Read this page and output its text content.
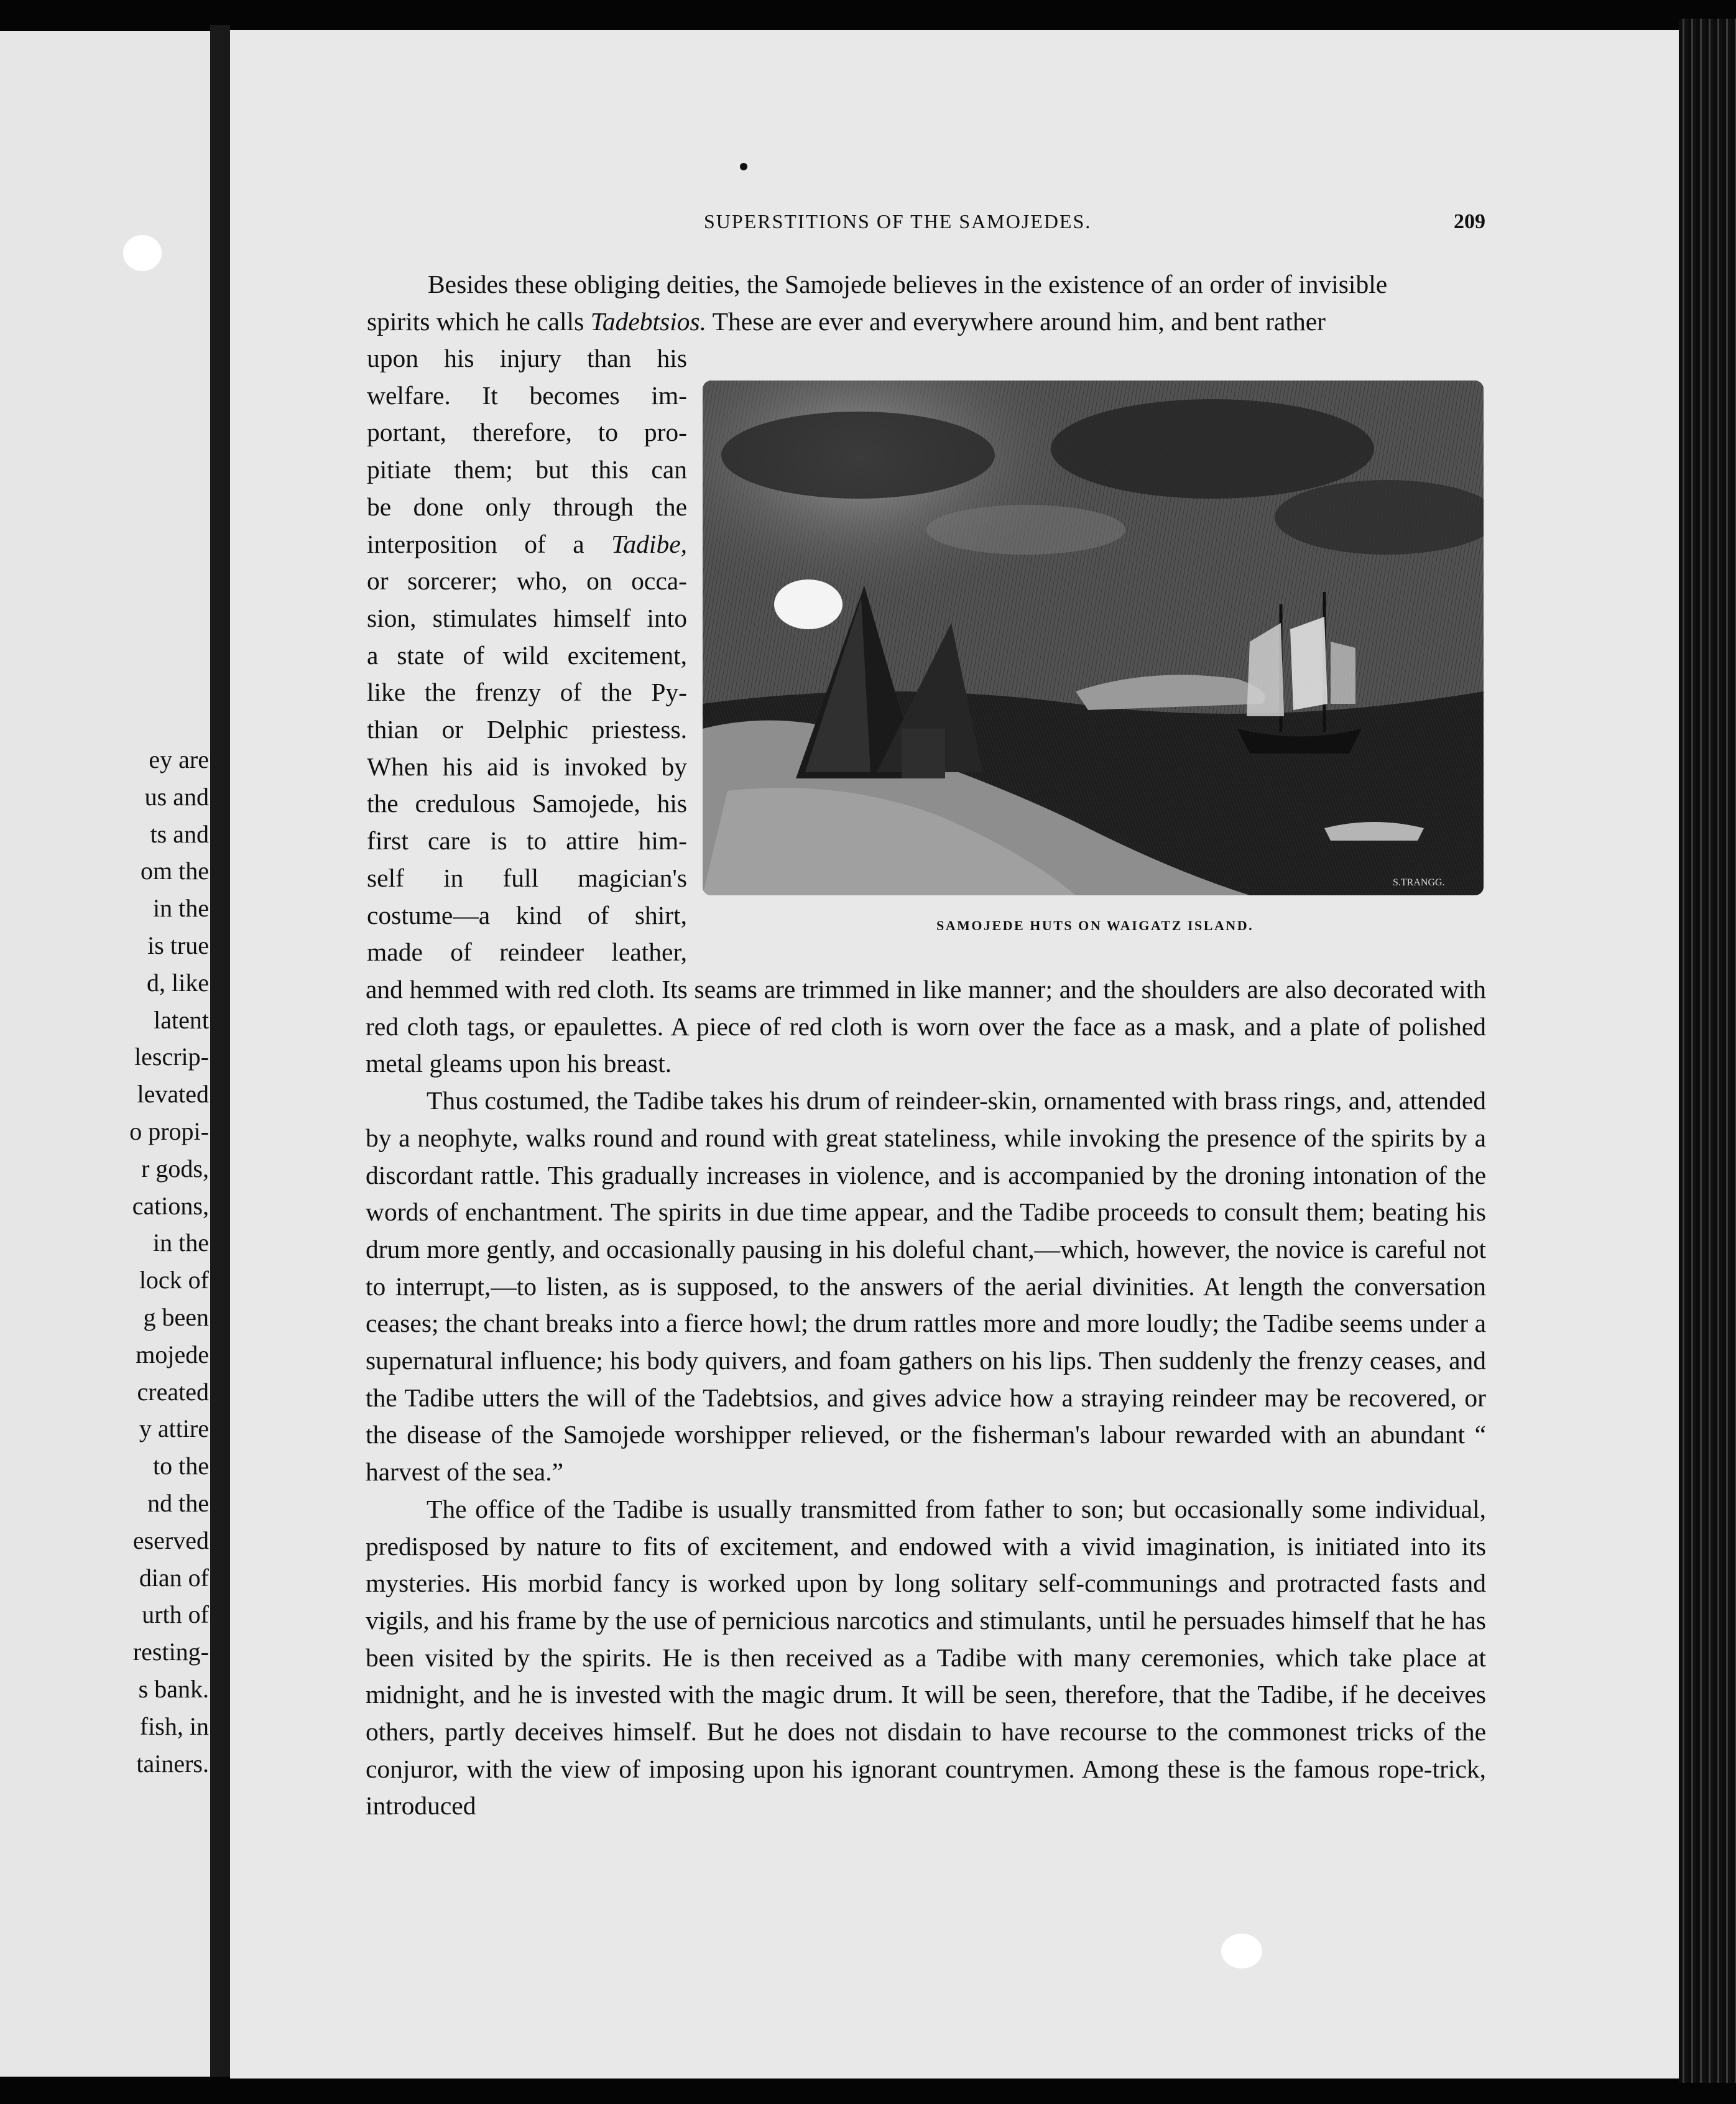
ey are
us and
ts and
om the
in the
is true
d, like
latent
lescrip-
levated
o propi-
r gods,
cations,
in the
lock of
g been
mojede
created
y attire
to the
nd the
eserved
dian of
urth of
resting-
s bank.
fish, in
tainers.
SUPERSTITIONS OF THE SAMOJEDES.	209

Besides these obliging deities, the Samojede believes in the existence of an order of invisible

spirits which he calls Tadebtsios. These are ever and everywhere around him, and bent rather

upon his injury than his

welfare. It becomes im-

portant, therefore, to pro-

pitiate them; but this can

be done only through the

interposition of a Tadibe,

or sorcerer; who, on occa-

sion, stimulates himself into

a state of wild excitement,

like the frenzy of the Py-

thian or Delphic priestess.

When his aid is invoked by

the credulous Samojede, his

first care is to attire him-

self in full magician's

costume—a kind of shirt,

made of reindeer leather,

S.TRANGG.
SAMOJEDE HUTS ON WAIGATZ ISLAND.

and hemmed with red cloth. Its seams are trimmed in like manner; and the shoulders are also decorated with red cloth tags, or epaulettes. A piece of red cloth is worn over the face as a mask, and a plate of polished metal gleams upon his breast.

Thus costumed, the Tadibe takes his drum of reindeer-skin, ornamented with brass rings, and, attended by a neophyte, walks round and round with great stateliness, while invoking the presence of the spirits by a discordant rattle. This gradually increases in violence, and is accompanied by the droning intonation of the words of enchantment. The spirits in due time appear, and the Tadibe proceeds to consult them; beating his drum more gently, and occasionally pausing in his doleful chant,—which, however, the novice is careful not to interrupt,—to listen, as is supposed, to the answers of the aerial divinities. At length the conversation ceases; the chant breaks into a fierce howl; the drum rattles more and more loudly; the Tadibe seems under a supernatural influence; his body quivers, and foam gathers on his lips. Then suddenly the frenzy ceases, and the Tadibe utters the will of the Tadebtsios, and gives advice how a straying reindeer may be recovered, or the disease of the Samojede worshipper relieved, or the fisherman's labour rewarded with an abundant “ harvest of the sea.”

The office of the Tadibe is usually transmitted from father to son; but occasionally some individual, predisposed by nature to fits of excitement, and endowed with a vivid imagination, is initiated into its mysteries. His morbid fancy is worked upon by long solitary self-communings and protracted fasts and vigils, and his frame by the use of pernicious narcotics and stimulants, until he persuades himself that he has been visited by the spirits. He is then received as a Tadibe with many ceremonies, which take place at midnight, and he is invested with the magic drum. It will be seen, therefore, that the Tadibe, if he deceives others, partly deceives himself. But he does not disdain to have recourse to the commonest tricks of the conjuror, with the view of imposing upon his ignorant countrymen. Among these is the famous rope-trick, introduced
